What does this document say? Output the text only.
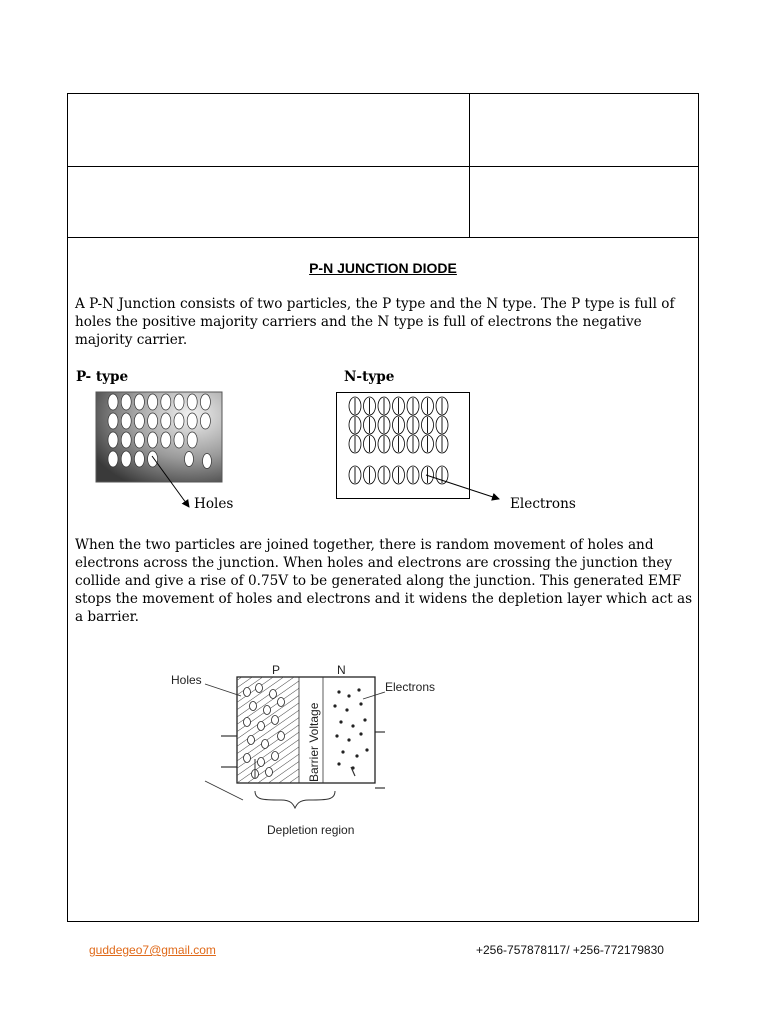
P-N JUNCTION DIODE

A P-N Junction consists of two particles, the P type and the N type. The P type is full of holes the positive majority carriers and the N type is full of electrons the negative majority carrier.

P- type	N-type
Holes	Electrons

When the two particles are joined together, there is random movement of holes and electrons across the junction. When holes and electrons are crossing the junction they collide and give a rise of 0.75V to be generated along the junction. This generated EMF stops the movement of holes and electrons and it widens the depletion layer which act as a barrier.

Holes
P	N
Electrons
Depletion region
Barrier Voltage
guddegeo7@gmail.com	+256-757878117/ +256-772179830
